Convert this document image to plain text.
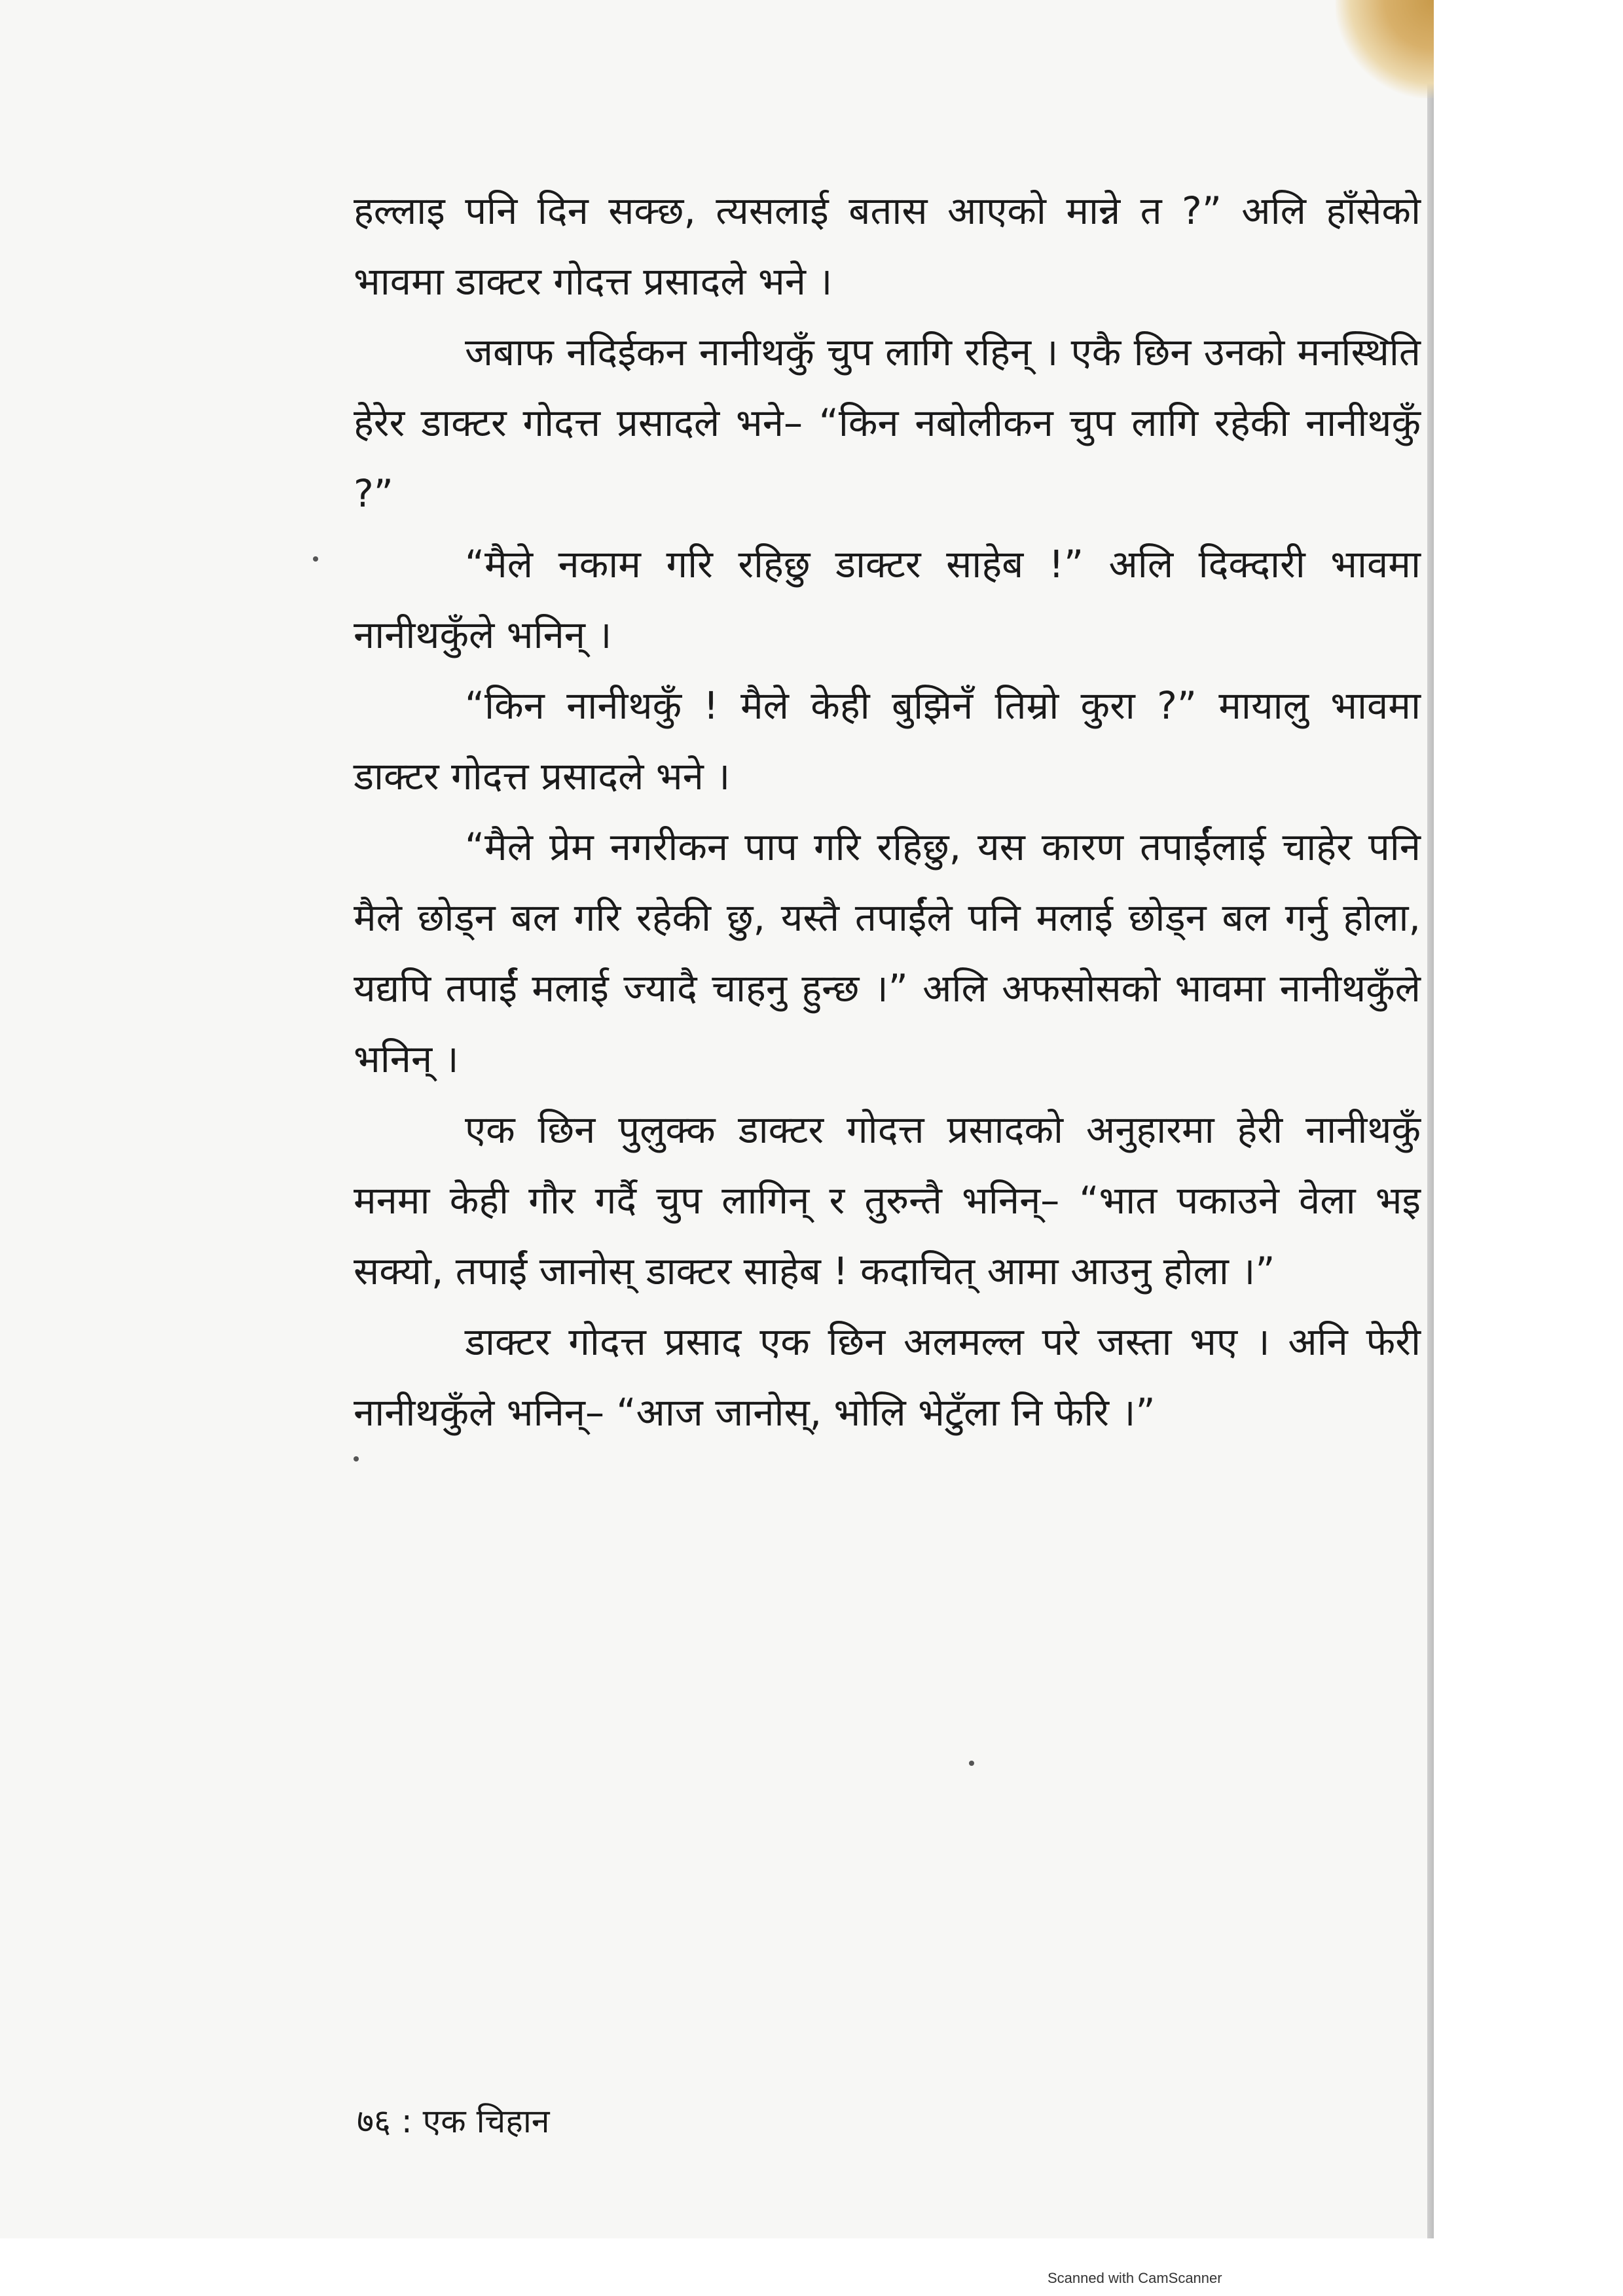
हल्लाइ पनि दिन सक्छ, त्यसलाई बतास आएको मान्ने त ?” अलि हाँसेको भावमा डाक्टर गोदत्त प्रसादले भने ।

जबाफ नदिईकन नानीथकुँ चुप लागि रहिन् । एकै छिन उनको मनस्थिति हेरेर डाक्टर गोदत्त प्रसादले भने– “किन नबोलीकन चुप लागि रहेकी नानीथकुँ ?”

“मैले नकाम गरि रहिछु डाक्टर साहेब !” अलि दिक्दारी भावमा नानीथकुँले भनिन् ।

“किन नानीथकुँ ! मैले केही बुझिनँ तिम्रो कुरा ?” मायालु भावमा डाक्टर गोदत्त प्रसादले भने ।

“मैले प्रेम नगरीकन पाप गरि रहिछु, यस कारण तपाईंलाई चाहेर पनि मैले छोड्न बल गरि रहेकी छु, यस्तै तपाईंले पनि मलाई छोड्न बल गर्नु होला, यद्यपि तपाईं मलाई ज्यादै चाहनु हुन्छ ।” अलि अफसोसको भावमा नानीथकुँले भनिन् ।

एक छिन पुलुक्क डाक्टर गोदत्त प्रसादको अनुहारमा हेरी नानीथकुँ मनमा केही गौर गर्दै चुप लागिन् र तुरुन्तै भनिन्– “भात पकाउने वेला भइ सक्यो, तपाईं जानोस् डाक्टर साहेब ! कदाचित् आमा आउनु होला ।”

डाक्टर गोदत्त प्रसाद एक छिन अलमल्ल परे जस्ता भए । अनि फेरी नानीथकुँले भनिन्– “आज जानोस्, भोलि भेटुँला नि फेरि ।”

७६ : एक चिहान
Scanned with CamScanner
